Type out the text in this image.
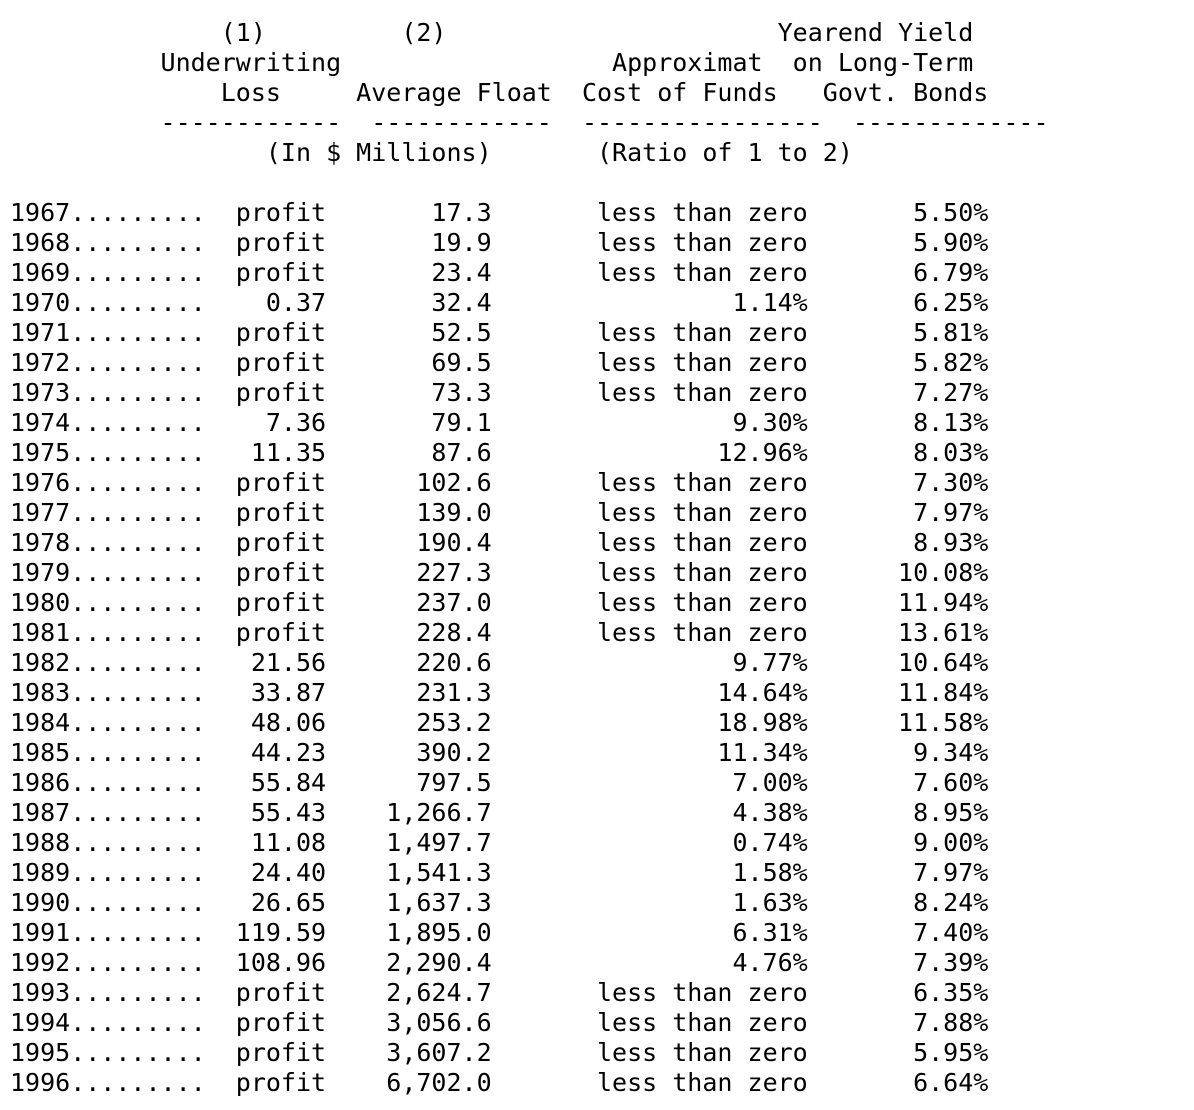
(1)         (2)                      Yearend Yield
Underwriting                  Approximat  on Long-Term
Loss     Average Float  Cost of Funds   Govt. Bonds
------------  ------------  ----------------  -------------
(In $ Millions)       (Ratio of 1 to 2)
1967.........  profit       17.3       less than zero       5.50%
1968.........  profit       19.9       less than zero       5.90%
1969.........  profit       23.4       less than zero       6.79%
1970.........    0.37       32.4                1.14%       6.25%
1971.........  profit       52.5       less than zero       5.81%
1972.........  profit       69.5       less than zero       5.82%
1973.........  profit       73.3       less than zero       7.27%
1974.........    7.36       79.1                9.30%       8.13%
1975.........   11.35       87.6               12.96%       8.03%
1976.........  profit      102.6       less than zero       7.30%
1977.........  profit      139.0       less than zero       7.97%
1978.........  profit      190.4       less than zero       8.93%
1979.........  profit      227.3       less than zero      10.08%
1980.........  profit      237.0       less than zero      11.94%
1981.........  profit      228.4       less than zero      13.61%
1982.........   21.56      220.6                9.77%      10.64%
1983.........   33.87      231.3               14.64%      11.84%
1984.........   48.06      253.2               18.98%      11.58%
1985.........   44.23      390.2               11.34%       9.34%
1986.........   55.84      797.5                7.00%       7.60%
1987.........   55.43    1,266.7                4.38%       8.95%
1988.........   11.08    1,497.7                0.74%       9.00%
1989.........   24.40    1,541.3                1.58%       7.97%
1990.........   26.65    1,637.3                1.63%       8.24%
1991.........  119.59    1,895.0                6.31%       7.40%
1992.........  108.96    2,290.4                4.76%       7.39%
1993.........  profit    2,624.7       less than zero       6.35%
1994.........  profit    3,056.6       less than zero       7.88%
1995.........  profit    3,607.2       less than zero       5.95%
1996.........  profit    6,702.0       less than zero       6.64%
